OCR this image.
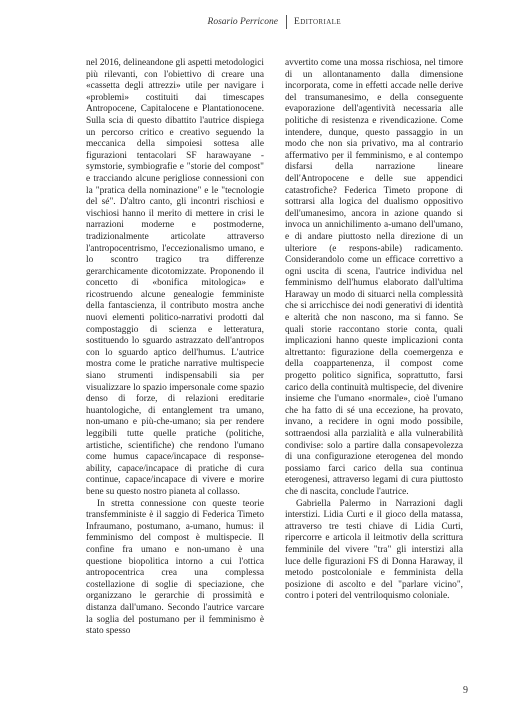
Rosario Perricone Editoriale

nel 2016, delineandone gli aspetti metodologici più rilevanti, con l'obiettivo di creare una «cassetta degli attrezzi» utile per navigare i «problemi» costituiti dai timescapes Antropocene, Capitalocene e Plantationocene. Sulla scia di questo dibattito l'autrice dispiega un percorso critico e creativo seguendo la meccanica della simpoiesi sottesa alle figurazioni tentacolari SF harawayane - symstorie, symbiografie e "storie del compost" e tracciando alcune perigliose connessioni con la "pratica della nominazione" e le "tecnologie del sé". D'altro canto, gli incontri rischiosi e vischiosi hanno il merito di mettere in crisi le narrazioni moderne e postmoderne, tradizionalmente articolate attraverso l'antropocentrismo, l'eccezionalismo umano, e lo scontro tragico tra differenze gerarchicamente dicotomizzate. Proponendo il concetto di «bonifica mitologica» e ricostruendo alcune genealogie femministe della fantascienza, il contributo mostra anche nuovi elementi politico-narrativi prodotti dal compostaggio di scienza e letteratura, sostituendo lo sguardo astrazzato dell'antropos con lo sguardo aptico dell'humus. L'autrice mostra come le pratiche narrative multispecie siano strumenti indispensabili sia per visualizzare lo spazio impersonale come spazio denso di forze, di relazioni ereditarie huantologiche, di entanglement tra umano, non-umano e più-che-umano; sia per rendere leggibili tutte quelle pratiche (politiche, artistiche, scientifiche) che rendono l'umano come humus capace/incapace di response-ability, capace/incapace di pratiche di cura continue, capace/incapace di vivere e morire bene su questo nostro pianeta al collasso.

In stretta connessione con queste teorie transfemministe è il saggio di Federica Timeto Infraumano, postumano, a-umano, humus: il femminismo del compost è multispecie. Il confine fra umano e non-umano è una questione biopolitica intorno a cui l'ottica antropocentrica crea una complessa costellazione di soglie di speciazione, che organizzano le gerarchie di prossimità e distanza dall'umano. Secondo l'autrice varcare la soglia del postumano per il femminismo è stato spesso

avvertito come una mossa rischiosa, nel timore di un allontanamento dalla dimensione incorporata, come in effetti accade nelle derive del transumanesimo, e della conseguente evaporazione dell'agentività necessaria alle politiche di resistenza e rivendicazione. Come intendere, dunque, questo passaggio in un modo che non sia privativo, ma al contrario affermativo per il femminismo, e al contempo disfarsi della narrazione lineare dell'Antropocene e delle sue appendici catastrofiche? Federica Timeto propone di sottrarsi alla logica del dualismo oppositivo dell'umanesimo, ancora in azione quando si invoca un annichilimento a-umano dell'umano, e di andare piuttosto nella direzione di un ulteriore (e respons-abile) radicamento. Considerandolo come un efficace correttivo a ogni uscita di scena, l'autrice individua nel femminismo dell'humus elaborato dall'ultima Haraway un modo di situarci nella complessità che si arricchisce dei nodi generativi di identità e alterità che non nascono, ma si fanno. Se quali storie raccontano storie conta, quali implicazioni hanno queste implicazioni conta altrettanto: figurazione della coemergenza e della coappartenenza, il compost come progetto politico significa, soprattutto, farsi carico della continuità multispecie, del divenire insieme che l'umano «normale», cioè l'umano che ha fatto di sé una eccezione, ha provato, invano, a recidere in ogni modo possibile, sottraendosi alla parzialità e alla vulnerabilità condivise: solo a partire dalla consapevolezza di una configurazione eterogenea del mondo possiamo farci carico della sua continua eterogenesi, attraverso legami di cura piuttosto che di nascita, conclude l'autrice.

Gabriella Palermo in Narrazioni dagli interstizi. Lidia Curti e il gioco della matassa, attraverso tre testi chiave di Lidia Curti, ripercorre e articola il leitmotiv della scrittura femminile del vivere "tra" gli interstizi alla luce delle figurazioni FS di Donna Haraway, il metodo postcoloniale e femminista della posizione di ascolto e del "parlare vicino", contro i poteri del ventriloquismo coloniale.

9
